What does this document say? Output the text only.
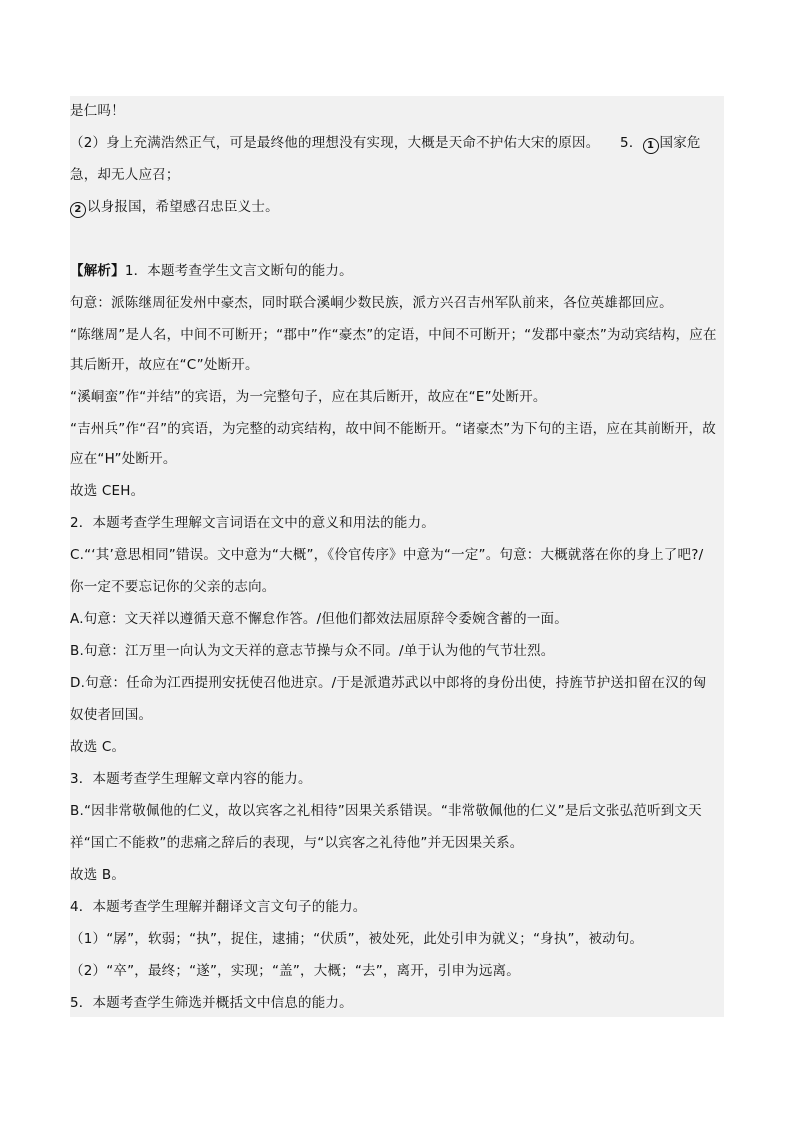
是仁吗！
（2）身上充满浩然正气，可是最终他的理想没有实现，大概是天命不护佑大宋的原因。　　5． 1 国家危
急，却无人应召；
2 以身报国，希望感召忠臣义士。
【解析】1．本题考查学生文言文断句的能力。
句意：派陈继周征发州中豪杰，同时联合溪峒少数民族，派方兴召吉州军队前来，各位英雄都回应。
“陈继周”是人名，中间不可断开；“郡中”作“豪杰”的定语，中间不可断开；“发郡中豪杰”为动宾结构，应在
其后断开，故应在“C”处断开。
“溪峒蛮”作“并结”的宾语，为一完整句子，应在其后断开，故应在“E”处断开。
“吉州兵”作“召”的宾语，为完整的动宾结构，故中间不能断开。“诸豪杰”为下句的主语，应在其前断开，故
应在“H”处断开。
故选 CEH。
2．本题考查学生理解文言词语在文中的意义和用法的能力。
C.“‘其’意思相同”错误。文中意为“大概”，《伶官传序》中意为“一定”。句意：大概就落在你的身上了吧?/
你一定不要忘记你的父亲的志向。
A.句意：文天祥以遵循天意不懈怠作答。/但他们都效法屈原辞令委婉含蓄的一面。
B.句意：江万里一向认为文天祥的意志节操与众不同。/单于认为他的气节壮烈。
D.句意：任命为江西提刑安抚使召他进京。/于是派遣苏武以中郎将的身份出使，持旌节护送扣留在汉的匈
奴使者回国。
故选 C。
3．本题考查学生理解文章内容的能力。
B.“因非常敬佩他的仁义，故以宾客之礼相待”因果关系错误。“非常敬佩他的仁义”是后文张弘范听到文天
祥“国亡不能救”的悲痛之辞后的表现，与“以宾客之礼待他”并无因果关系。
故选 B。
4．本题考查学生理解并翻译文言文句子的能力。
（1）“孱”，软弱；“执”，捉住，逮捕；“伏质”，被处死，此处引申为就义；“身执”，被动句。
（2）“卒”，最终；“遂”，实现；“盖”，大概；“去”，离开，引申为远离。
5．本题考查学生筛选并概括文中信息的能力。
